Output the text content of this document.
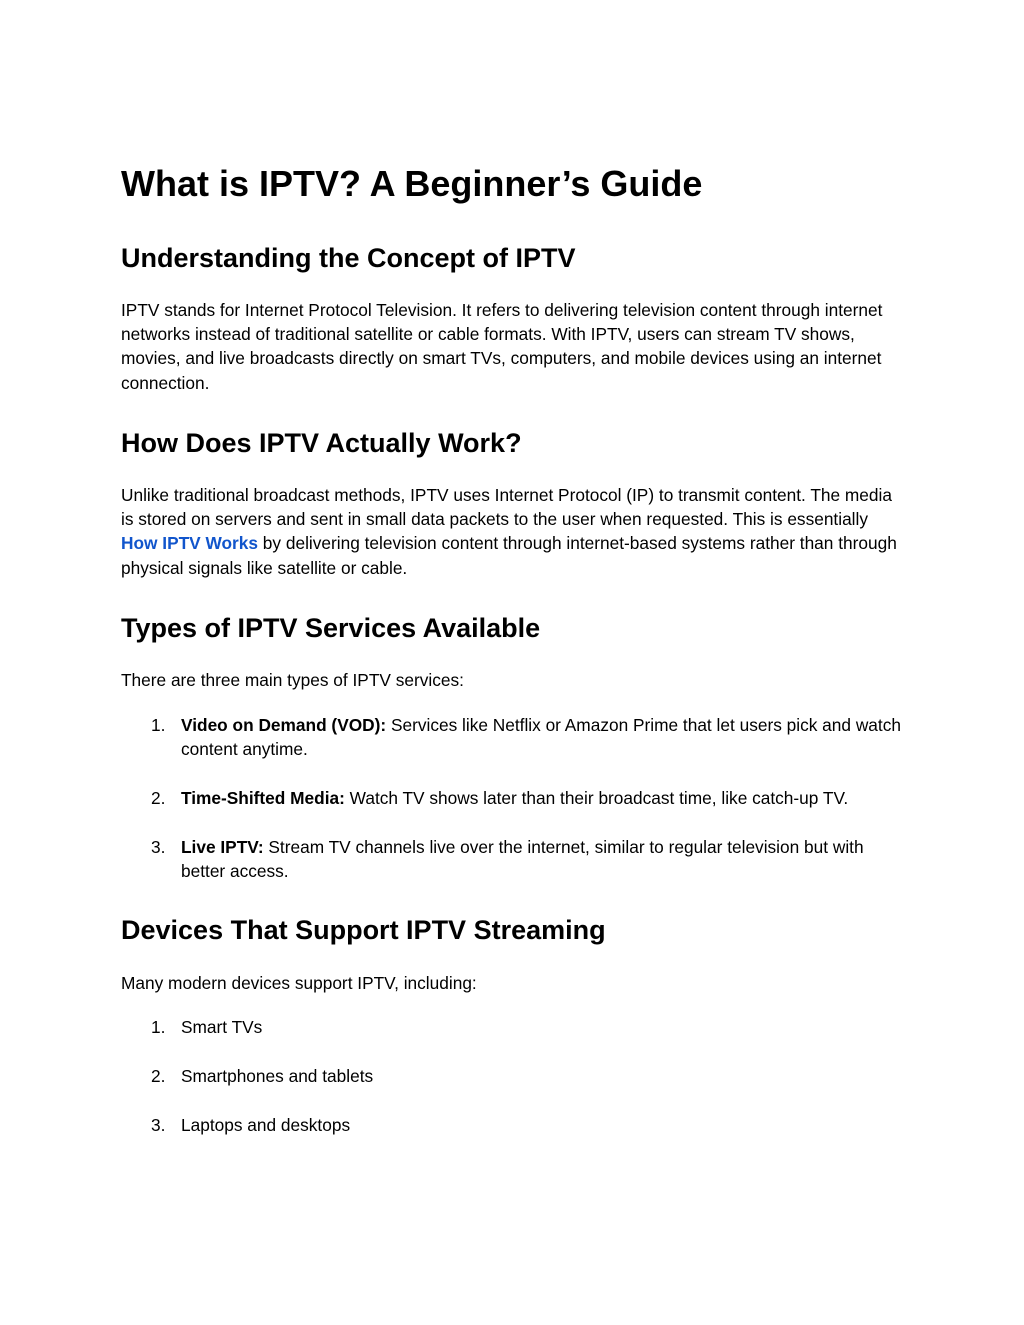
What is IPTV? A Beginner’s Guide
Understanding the Concept of IPTV

IPTV stands for Internet Protocol Television. It refers to delivering television content through internet networks instead of traditional satellite or cable formats. With IPTV, users can stream TV shows, movies, and live broadcasts directly on smart TVs, computers, and mobile devices using an internet connection.

How Does IPTV Actually Work?

Unlike traditional broadcast methods, IPTV uses Internet Protocol (IP) to transmit content. The media is stored on servers and sent in small data packets to the user when requested. This is essentially How IPTV Works by delivering television content through internet-based systems rather than through physical signals like satellite or cable.

Types of IPTV Services Available

There are three main types of IPTV services:

1. Video on Demand (VOD): Services like Netflix or Amazon Prime that let users pick and watch content anytime.
2. Time-Shifted Media: Watch TV shows later than their broadcast time, like catch-up TV.
3. Live IPTV: Stream TV channels live over the internet, similar to regular television but with better access.
Devices That Support IPTV Streaming

Many modern devices support IPTV, including:

1. Smart TVs
2. Smartphones and tablets
3. Laptops and desktops
